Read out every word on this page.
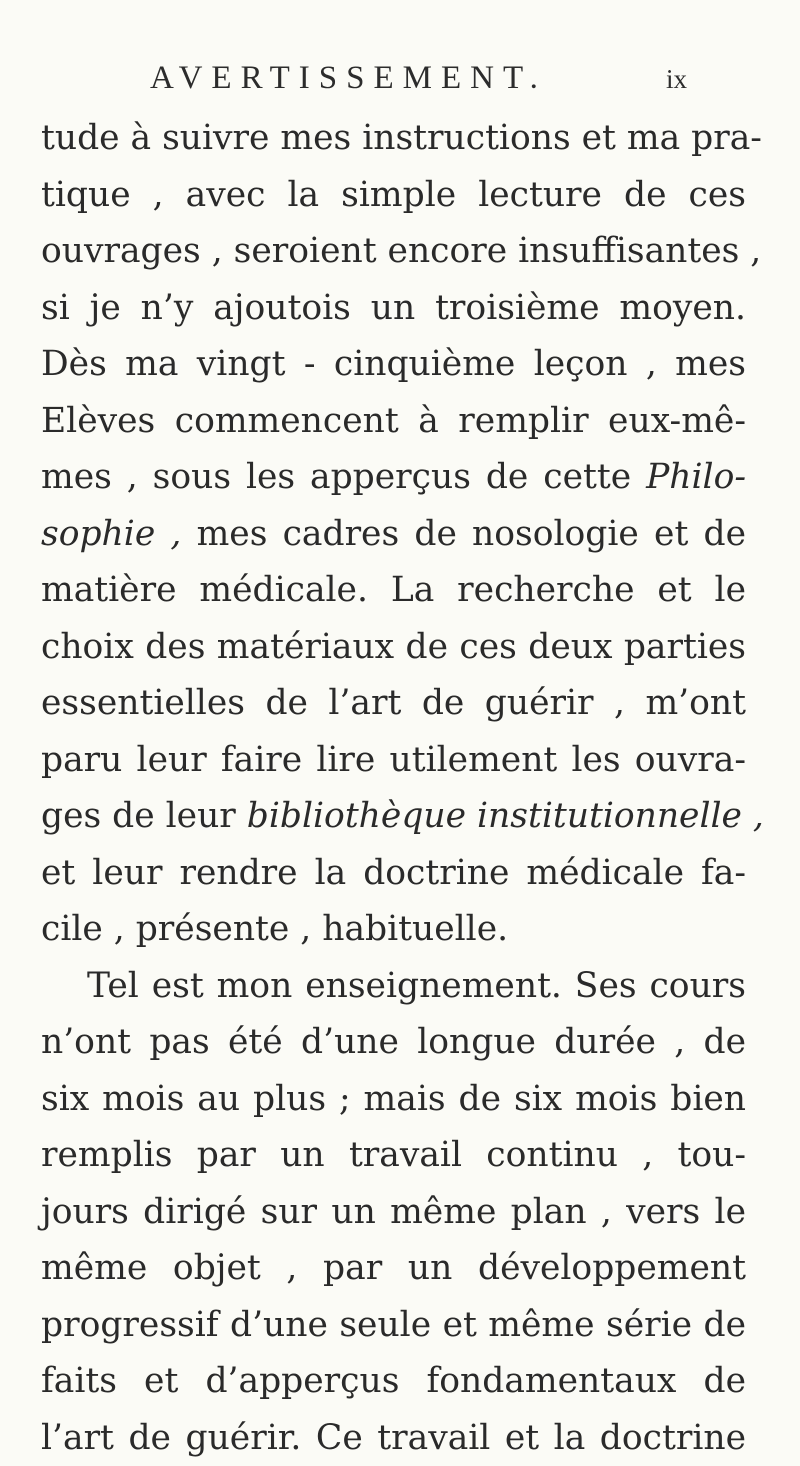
AVERTISSEMENT.	ix
tude à suivre mes instructions et ma pra-
tique , avec la simple lecture de ces
ouvrages , seroient encore insuffisantes ,
si je n’y ajoutois un troisième moyen.
Dès ma vingt - cinquième leçon , mes
Elèves commencent à remplir eux-mê-
mes , sous les apperçus de cette Philo-
sophie , mes cadres de nosologie et de
matière médicale. La recherche et le
choix des matériaux de ces deux parties
essentielles de l’art de guérir , m’ont
paru leur faire lire utilement les ouvra-
ges de leur bibliothèque institutionnelle ,
et leur rendre la doctrine médicale fa-
cile , présente , habituelle.
Tel est mon enseignement. Ses cours
n’ont pas été d’une longue durée , de
six mois au plus ; mais de six mois bien
remplis par un travail continu , tou-
jours dirigé sur un même plan , vers le
même objet , par un développement
progressif d’une seule et même série de
faits et d’apperçus fondamentaux de
l’art de guérir. Ce travail et la doctrine
